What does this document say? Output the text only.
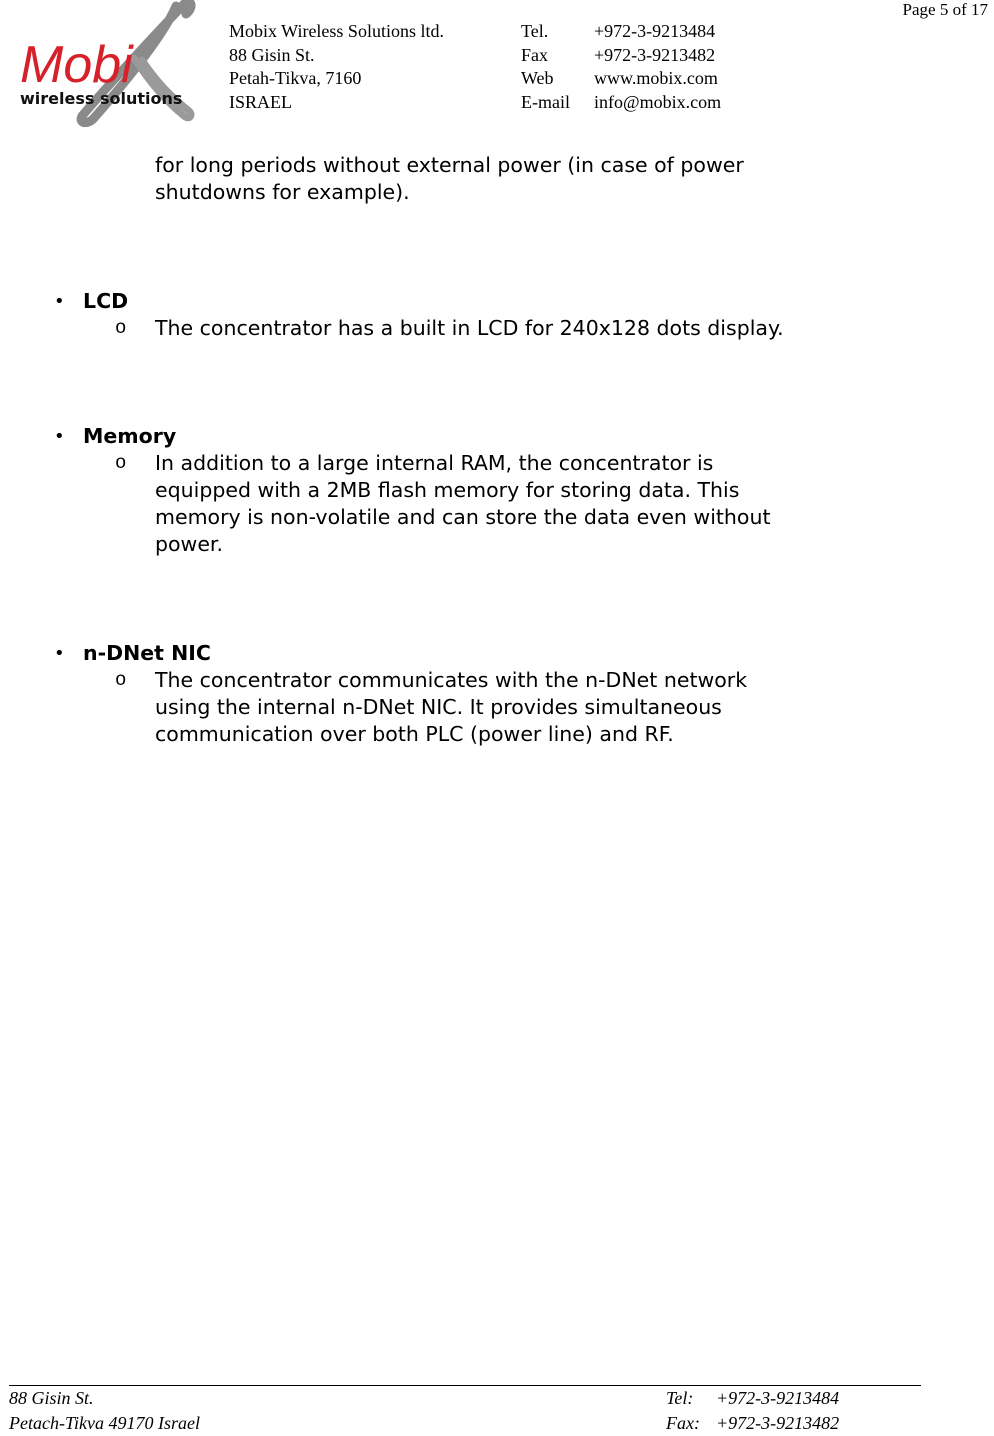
Page 5 of 17
Mobi
wireless solutions
Mobix Wireless Solutions ltd.
88 Gisin St.
Petah-Tikva, 7160
ISRAEL
Tel.	+972-3-9213484
Fax	+972-3-9213482
Web	www.mobix.com
E-mail	info@mobix.com
for long periods without external power (in case of power
shutdowns for example).
• LCD
o The concentrator has a built in LCD for 240x128 dots display.
• Memory
o In addition to a large internal RAM, the concentrator is
equipped with a 2MB flash memory for storing data. This
memory is non-volatile and can store the data even without
power.
• n-DNet NIC
o The concentrator communicates with the n-DNet network
using the internal n-DNet NIC. It provides simultaneous
communication over both PLC (power line) and RF.
88 Gisin St.
Petach-Tikva 49170 Israel
Tel:	+972-3-9213484
Fax: +972-3-9213482
